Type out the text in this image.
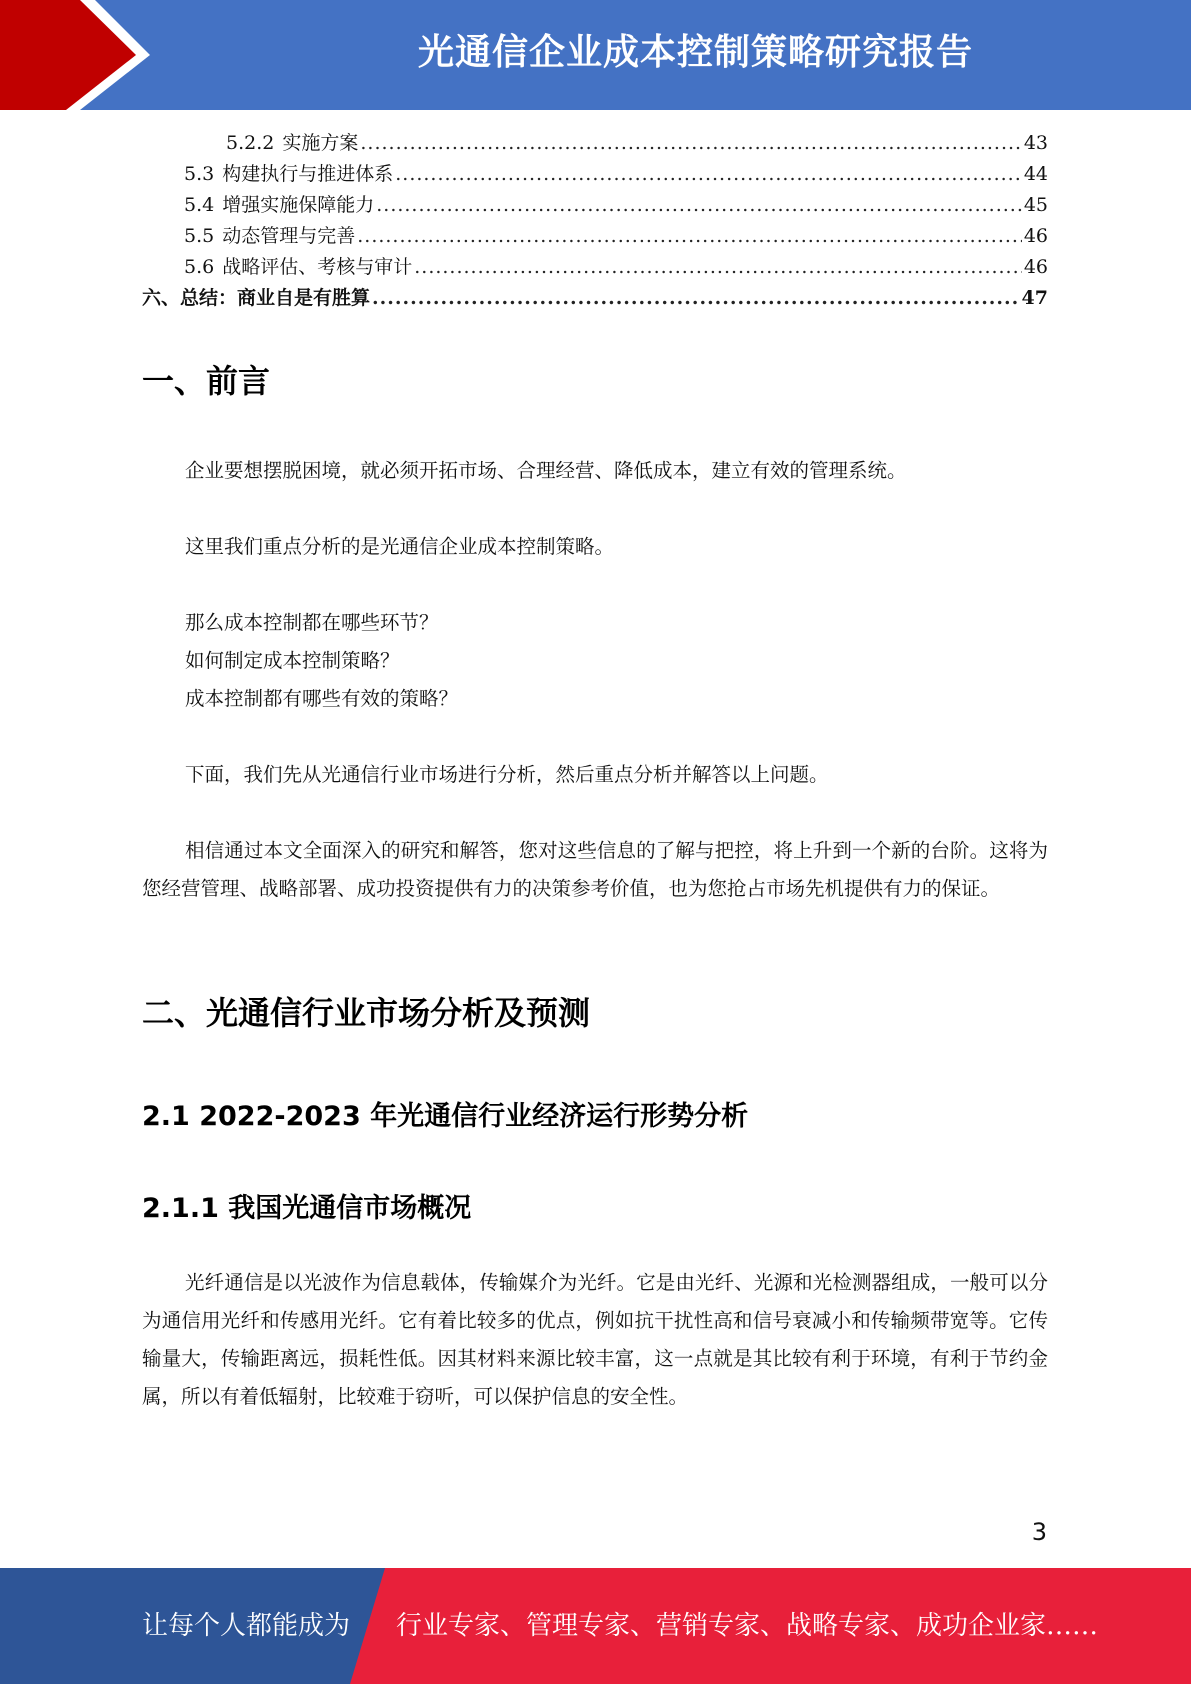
光通信企业成本控制策略研究报告
5.2.2 实施方案 .....	43
5.3 构建执行与推进体系 .....	44
5.4 增强实施保障能力 .....	45
5.5 动态管理与完善 .....	46
5.6 战略评估、考核与审计 .....	46
六、总结：商业自是有胜算 .....	47
一、前言
企业要想摆脱困境，就必须开拓市场、合理经营、降低成本，建立有效的管理系统。
这里我们重点分析的是光通信企业成本控制策略。
那么成本控制都在哪些环节？
如何制定成本控制策略？
成本控制都有哪些有效的策略？
下面，我们先从光通信行业市场进行分析，然后重点分析并解答以上问题。
相信通过本文全面深入的研究和解答，您对这些信息的了解与把控，将上升到一个新的台阶。这将为您经营管理、战略部署、成功投资提供有力的决策参考价值，也为您抢占市场先机提供有力的保证。
二、光通信行业市场分析及预测
2.1 2022-2023 年光通信行业经济运行形势分析
2.1.1 我国光通信市场概况
光纤通信是以光波作为信息载体，传输媒介为光纤。它是由光纤、光源和光检测器组成，一般可以分为通信用光纤和传感用光纤。它有着比较多的优点，例如抗干扰性高和信号衰减小和传输频带宽等。它传输量大，传输距离远，损耗性低。因其材料来源比较丰富，这一点就是其比较有利于环境，有利于节约金属，所以有着低辐射，比较难于窃听，可以保护信息的安全性。
3
让每个人都能成为 行业专家、管理专家、营销专家、战略专家、成功企业家……
